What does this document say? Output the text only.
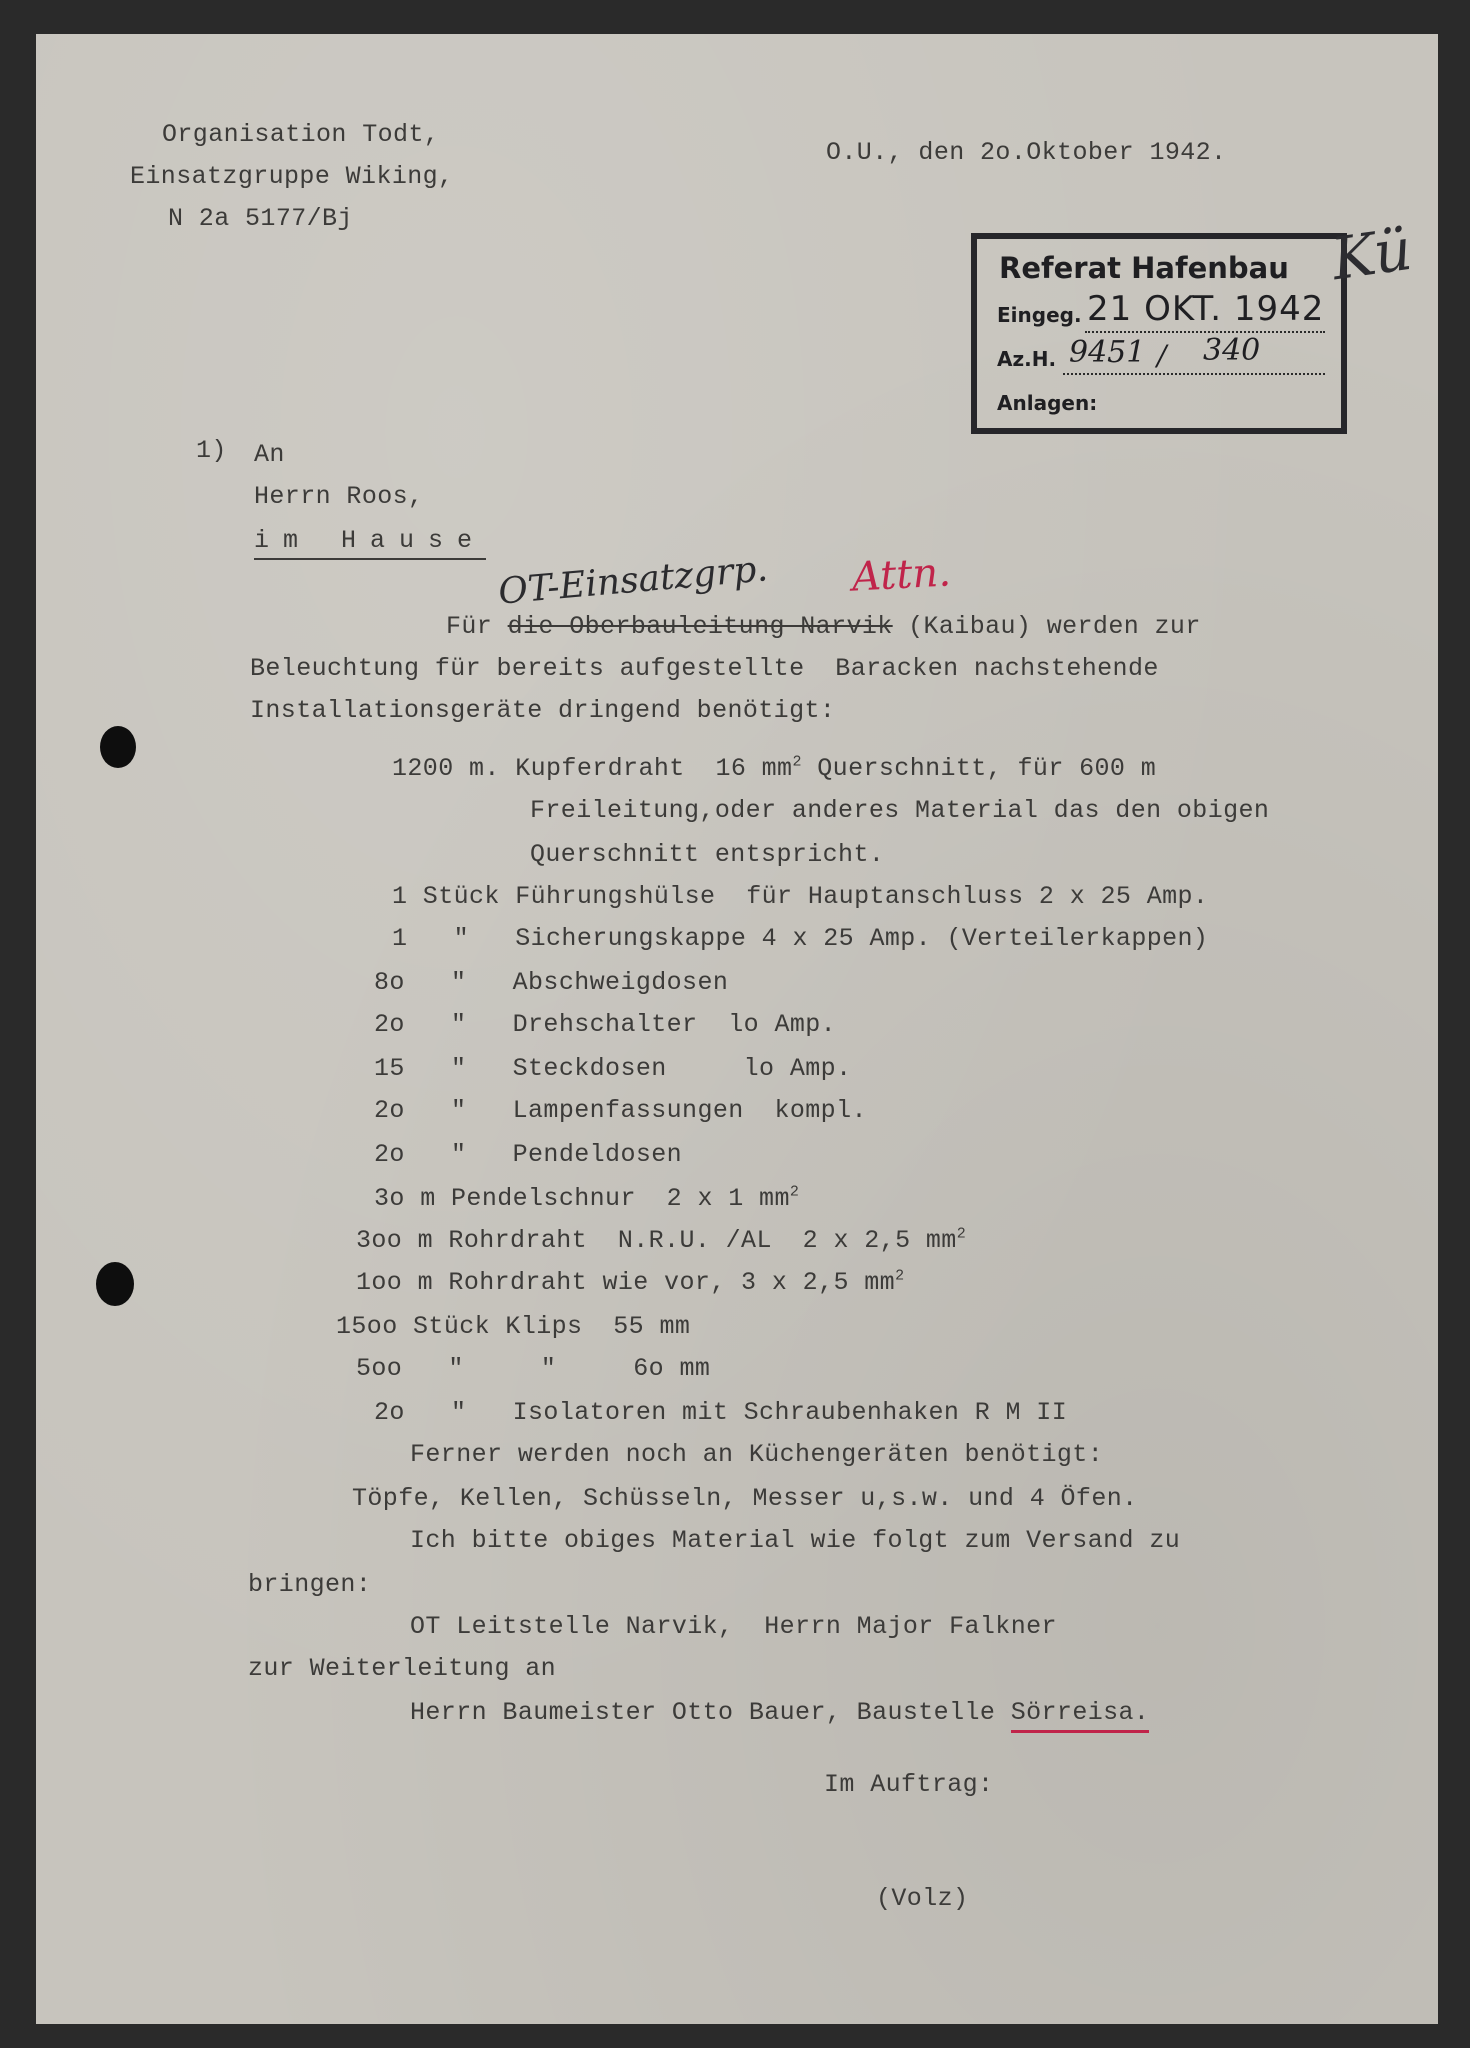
Organisation Todt,

Einsatzgruppe Wiking,

N 2a 5177/Bj

O.U., den 2o.Oktober 1942.

Referat Hafenbau
Eingeg. 21 OKT. 1942
Az.H. 9451 / 340
Anlagen:
Kü

1) An

Herrn Roos,

im Hause

OT-Einsatzgrp. Attn.

Für die Oberbauleitung Narvik (Kaibau) werden zur

Beleuchtung für bereits aufgestellte  Baracken nachstehende

Installationsgeräte dringend benötigt:

1200 m. Kupferdraht  16 $mm^2$ Querschnitt, für 600 m

Freileitung,oder anderes Material das den obigen

Querschnitt entspricht.

1 Stück Führungshülse  für Hauptanschluss 2 x 25 Amp.

1   "   Sicherungskappe 4 x 25 Amp. (Verteilerkappen)

8o   "   Abschweigdosen

2o   "   Drehschalter  lo Amp.

15   "   Steckdosen     lo Amp.

2o   "   Lampenfassungen  kompl.

2o   "   Pendeldosen

3o m Pendelschnur  2 x 1 $mm^2$

3oo m Rohrdraht  N.R.U. /AL  2 x 2,5 $mm^2$

1oo m Rohrdraht wie vor, 3 x 2,5 $mm^2$

15oo Stück Klips  55 mm

5oo   "     "     6o mm

2o   "   Isolatoren mit Schraubenhaken R M II

Ferner werden noch an Küchengeräten benötigt:

Töpfe, Kellen, Schüsseln, Messer u,s.w. und 4 Öfen.

Ich bitte obiges Material wie folgt zum Versand zu

bringen:

OT Leitstelle Narvik,  Herrn Major Falkner

zur Weiterleitung an

Herrn Baumeister Otto Bauer, Baustelle Sörreisa.

Im Auftrag:

(Volz)
